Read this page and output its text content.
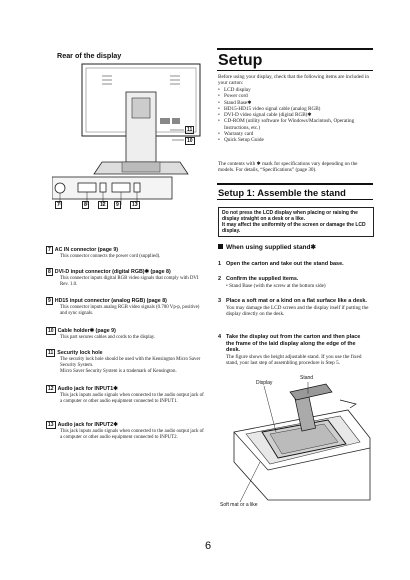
Rear of the display
11
10
7	8	12	9	13
7 AC IN connector (page 9)
This connector connects the power cord (supplied).
8 DVI-D input connector (digital RGB)✱ (page 8)
This connector inputs digital RGB video signals that comply with DVI Rev. 1.0.
9 HD15 input connector (analog RGB) (page 8)
This connector inputs analog RGB video signals (0.700 Vp-p, positive) and sync signals.
10 Cable holder✱ (page 9)
This part secures cables and cords to the display.
11 Security lock hole
The security lock hole should be used with the Kensington Micro Saver Security System.
Micro Saver Security System is a trademark of Kensington.
12 Audio jack for INPUT1✱
This jack inputs audio signals when connected to the audio output jack of a computer or other audio equipment connected to INPUT1.
13 Audio jack for INPUT2✱
This jack inputs audio signals when connected to the audio output jack of a computer or other audio equipment connected to INPUT2.
Setup
Before using your display, check that the following items are included in your carton:
• LCD display
• Power cord
• Stand Base✱
• HD15-HD15 video signal cable (analog RGB)
• DVI-D video signal cable (digital RGB)✱
• CD-ROM (utility software for Windows/Macintosh, Operating Instructions, etc.)
• Warranty card
• Quick Setup Guide
The contents with ✱ mark for specifications vary depending on the models. For details, “Specifications” (page 30).
Setup 1: Assemble the stand
Do not press the LCD display when placing or raising the display straight on a desk or a like.
It may affect the uniformity of the screen or damage the LCD display.
When using supplied stand✱
1 Open the carton and take out the stand base.
2 Confirm the supplied items.
• Stand Base (with the screw at the bottom side)
3 Place a soft mat or a kind on a flat surface like a desk.
You may damage the LCD screen and the display itself if putting the display directly on the desk.
4 Take the display out from the carton and then place the frame of the laid display along the edge of the desk.
The figure shows the height adjustable stand. If you use the fixed stand, your last step of assembling procedure is Step 5.
Display
Stand
Soft mat or a like
6
